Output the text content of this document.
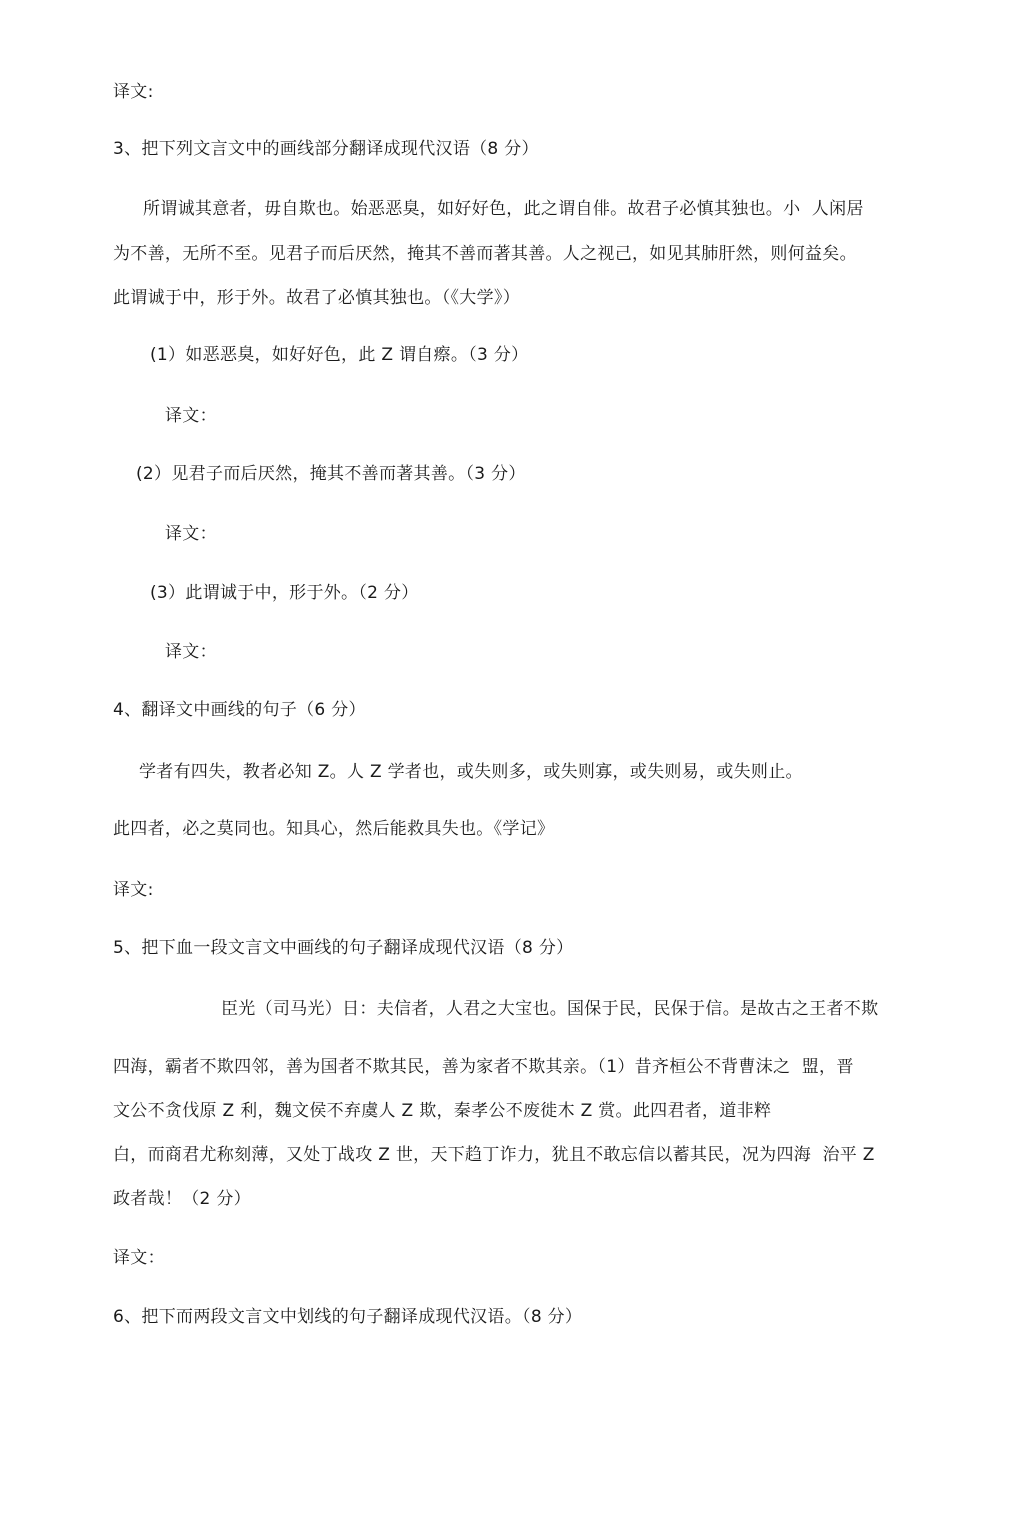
译文:
3、把下列文言文中的画线部分翻译成现代汉语（8 分）
所谓诚其意者，毋自欺也。始恶恶臭，如好好色，此之谓自俳。故君子必慎其独也。小  人闲居
为不善，无所不至。见君子而后厌然，掩其不善而著其善。人之视己，如见其肺肝然，则何益矣。
此谓诚于中，形于外。故君了必慎其独也。（《大学》）
(1）如恶恶臭，如好好色，此 Z 谓自瘵。（3 分）
译文：
(2）见君子而后厌然，掩其不善而著其善。（3 分）
译文：
(3）此谓诚于中，形于外。（2 分）
译文：
4、翻译文中画线的句子（6 分）
学者有四失，教者必知 Z。人 Z 学者也，或失则多，或失则寡，或失则易，或失则止。
此四者，必之莫同也。知具心，然后能救具失也。《学记》
译文:
5、把下血一段文言文中画线的句子翻译成现代汉语（8 分）
臣光（司马光）日：夫信者，人君之大宝也。国保于民，民保于信。是故古之王者不欺
四海，霸者不欺四邻，善为国者不欺其民，善为家者不欺其亲。（1）昔齐桓公不背曹沫之  盟，晋
文公不贪伐原 Z 利，魏文侯不弃虞人 Z 欺，秦孝公不废徙木 Z 赏。此四君者，道非粹
白，而商君尤称刻薄，又处丁战攻 Z 世，天下趋丁诈力，犹且不敢忘信以蓄其民，况为四海  治平 Z
政者哉！（2 分）
译文：
6、把下而两段文言文中划线的句子翻译成现代汉语。（8 分）
